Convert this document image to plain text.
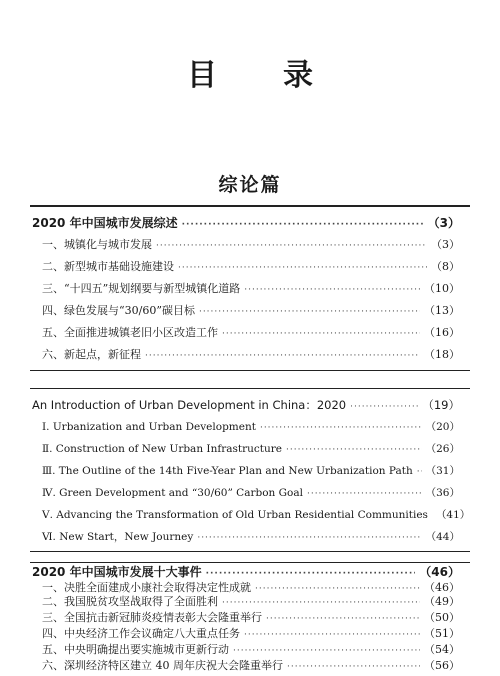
目　录
综论篇
2020 年中国城市发展综述 ·····	（3）
一、城镇化与城市发展 ·····	（3）
二、新型城市基础设施建设 ·····	（8）
三、“十四五”规划纲要与新型城镇化道路 ·····	（10）
四、绿色发展与“30/60”碳目标 ·····	（13）
五、全面推进城镇老旧小区改造工作 ·····	（16）
六、新起点，新征程 ·····	（18）
An Introduction of Urban Development in China：2020 ·····	（19）
Ⅰ. Urbanization and Urban Development ·····	（20）
Ⅱ. Construction of New Urban Infrastructure ·····	（26）
Ⅲ. The Outline of the 14th Five-Year Plan and New Urbanization Path ····· （31）
Ⅳ. Green Development and “30/60” Carbon Goal ·····	（36）
Ⅴ. Advancing the Transformation of Old Urban Residential Communities （41）
Ⅵ. New Start，New Journey ·····	（44）
2020 年中国城市发展十大事件 ·····	（46）
一、决胜全面建成小康社会取得决定性成就 ·····	（46）
二、我国脱贫攻坚战取得了全面胜利 ·····	（49）
三、全国抗击新冠肺炎疫情表彰大会隆重举行 ·····	（50）
四、中央经济工作会议确定八大重点任务 ·····	（51）
五、中央明确提出要实施城市更新行动 ·····	（54）
六、深圳经济特区建立 40 周年庆祝大会隆重举行 ·····	（56）
